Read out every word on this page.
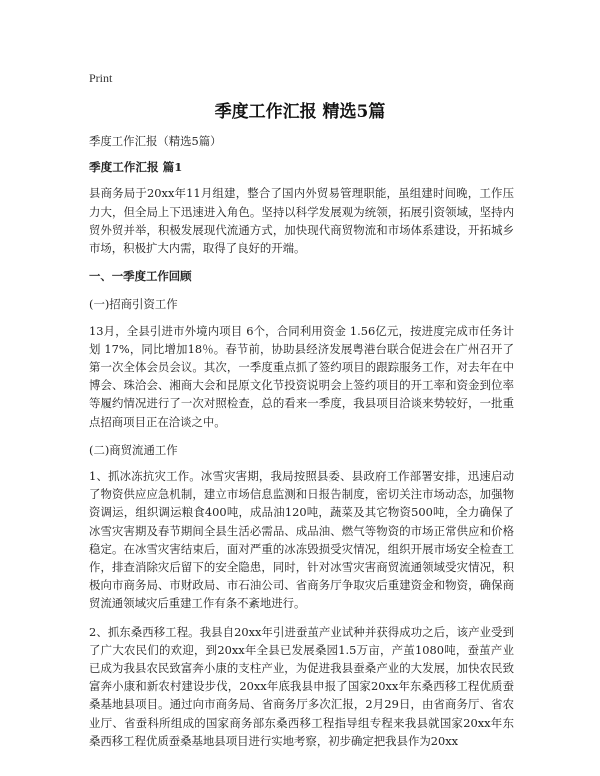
Print
季度工作汇报 精选5篇

季度工作汇报（精选5篇）

季度工作汇报 篇1

县商务局于20xx年11月组建，整合了国内外贸易管理职能，虽组建时间晚，工作压力大，但全局上下迅速进入角色。坚持以科学发展观为统领，拓展引资领域，坚持内贸外贸并举，积极发展现代流通方式，加快现代商贸物流和市场体系建设，开拓城乡市场，积极扩大内需，取得了良好的开端。

一、一季度工作回顾

(一)招商引资工作

13月，全县引进市外境内项目 6个，合同利用资金 1.56亿元，按进度完成市任务计划 17%，同比增加18％。春节前，协助县经济发展粤港台联合促进会在广州召开了第一次全体会员会议。其次，一季度重点抓了签约项目的跟踪服务工作，对去年在中博会、珠洽会、湘商大会和昆原文化节投资说明会上签约项目的开工率和资金到位率等履约情况进行了一次对照检查，总的看来一季度，我县项目洽谈来势较好，一批重点招商项目正在洽谈之中。

(二)商贸流通工作

1、抓冰冻抗灾工作。冰雪灾害期，我局按照县委、县政府工作部署安排，迅速启动了物资供应应急机制，建立市场信息监测和日报告制度，密切关注市场动态，加强物资调运，组织调运粮食400吨，成品油120吨，蔬菜及其它物资500吨，全力确保了冰雪灾害期及春节期间全县生活必需品、成品油、燃气等物资的市场正常供应和价格稳定。在冰雪灾害结束后，面对严重的冰冻毁损受灾情况，组织开展市场安全检查工作，排查消除灾后留下的安全隐患，同时，针对冰雪灾害商贸流通领域受灾情况，积极向市商务局、市财政局、市石油公司、省商务厅争取灾后重建资金和物资，确保商贸流通领域灾后重建工作有条不紊地进行。

2、抓东桑西移工程。我县自20xx年引进蚕茧产业试种并获得成功之后，该产业受到了广大农民们的欢迎，到20xx年全县已发展桑园1.5万亩，产茧1080吨，蚕茧产业已成为我县农民致富奔小康的支柱产业，为促进我县蚕桑产业的大发展，加快农民致富奔小康和新农村建设步伐，20xx年底我县申报了国家20xx年东桑西移工程优质蚕桑基地县项目。通过向市商务局、省商务厅多次汇报，2月29日，由省商务厅、省农业厅、省蚕科所组成的国家商务部东桑西移工程指导组专程来我县就国家20xx年东桑西移工程优质蚕桑基地县项目进行实地考察，初步确定把我县作为20xx
